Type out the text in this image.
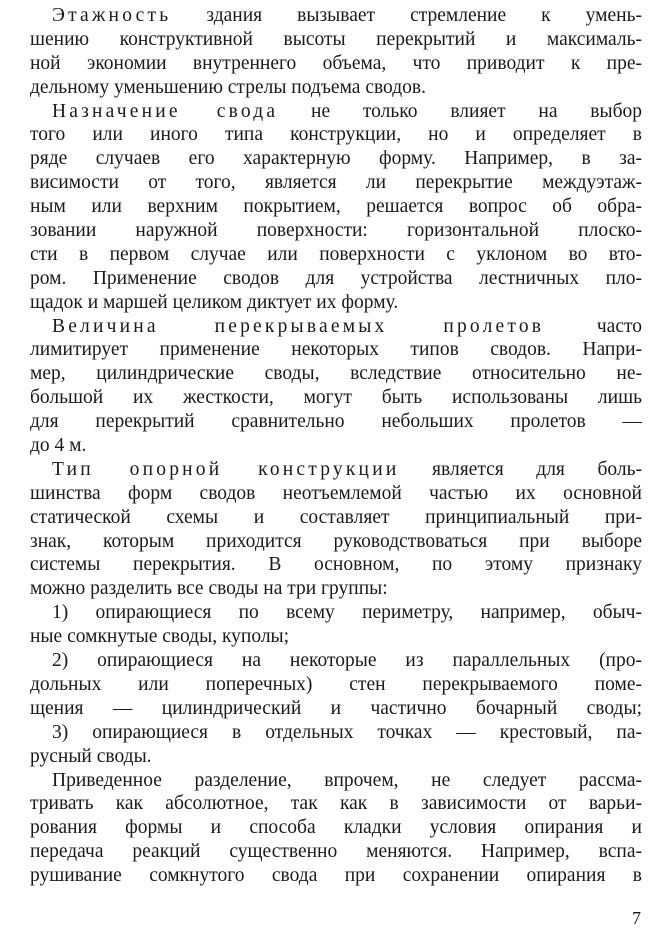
Этажность здания вызывает стремление к умень-
шению конструктивной высоты перекрытий и максималь-
ной экономии внутреннего объема, что приводит к пре-
дельному уменьшению стрелы подъема сводов.
Назначение свода не только влияет на выбор
того или иного типа конструкции, но и определяет в
ряде случаев его характерную форму. Например, в за-
висимости от того, является ли перекрытие междуэтаж-
ным или верхним покрытием, решается вопрос об обра-
зовании наружной поверхности: горизонтальной плоско-
сти в первом случае или поверхности с уклоном во вто-
ром. Применение сводов для устройства лестничных пло-
щадок и маршей целиком диктует их форму.
Величина перекрываемых пролетов часто
лимитирует применение некоторых типов сводов. Напри-
мер, цилиндрические своды, вследствие относительно не-
большой их жесткости, могут быть использованы лишь
для перекрытий сравнительно небольших пролетов —
до 4 м.
Тип опорной конструкции является для боль-
шинства форм сводов неотъемлемой частью их основной
статической схемы и составляет принципиальный при-
знак, которым приходится руководствоваться при выборе
системы перекрытия. В основном, по этому признаку
можно разделить все своды на три группы:
1) опирающиеся по всему периметру, например, обыч-
ные сомкнутые своды, куполы;
2) опирающиеся на некоторые из параллельных (про-
дольных или поперечных) стен перекрываемого поме-
щения — цилиндрический и частично бочарный своды;
3) опирающиеся в отдельных точках — крестовый, па-
русный своды.
Приведенное разделение, впрочем, не следует рассма-
тривать как абсолютное, так как в зависимости от варьи-
рования формы и способа кладки условия опирания и
передача реакций существенно меняются. Например, вспа-
рушивание сомкнутого свода при сохранении опирания в
7
